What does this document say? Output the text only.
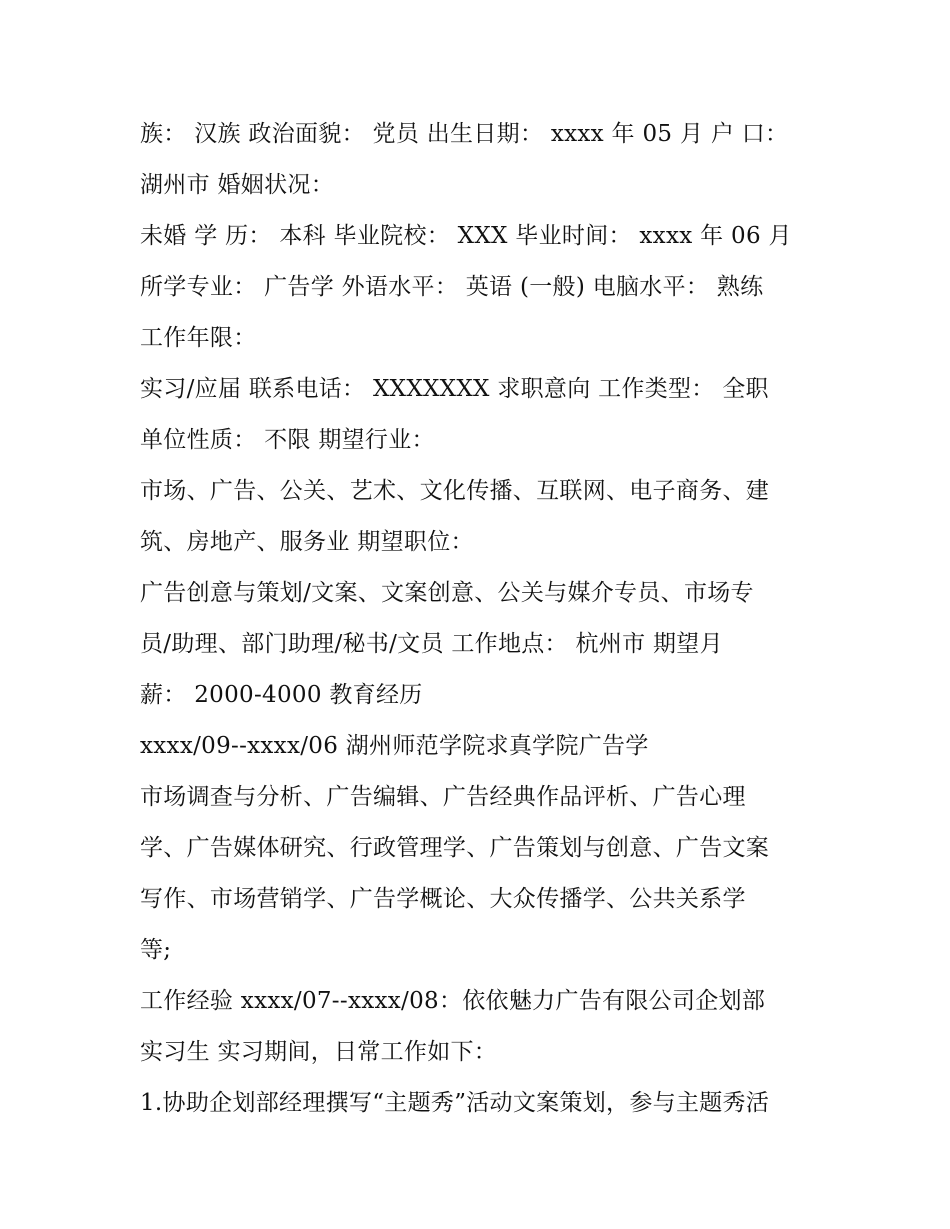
族： 汉族 政治面貌： 党员 出生日期： xxxx 年 05 月 户 口：
湖州市 婚姻状况：
未婚 学 历： 本科 毕业院校： XXX 毕业时间： xxxx 年 06 月
所学专业： 广告学 外语水平： 英语 (一般) 电脑水平： 熟练
工作年限：
实习/应届 联系电话： XXXXXXX 求职意向 工作类型： 全职
单位性质： 不限 期望行业：
市场、广告、公关、艺术、文化传播、互联网、电子商务、建
筑、房地产、服务业 期望职位：
广告创意与策划/文案、文案创意、公关与媒介专员、市场专
员/助理、部门助理/秘书/文员 工作地点： 杭州市 期望月
薪： 2000-4000 教育经历
xxxx/09--xxxx/06 湖州师范学院求真学院广告学
市场调查与分析、广告编辑、广告经典作品评析、广告心理
学、广告媒体研究、行政管理学、广告策划与创意、广告文案
写作、市场营销学、广告学概论、大众传播学、公共关系学
等;
工作经验 xxxx/07--xxxx/08：依依魅力广告有限公司企划部
实习生 实习期间，日常工作如下：
1.协助企划部经理撰写“主题秀”活动文案策划，参与主题秀活
